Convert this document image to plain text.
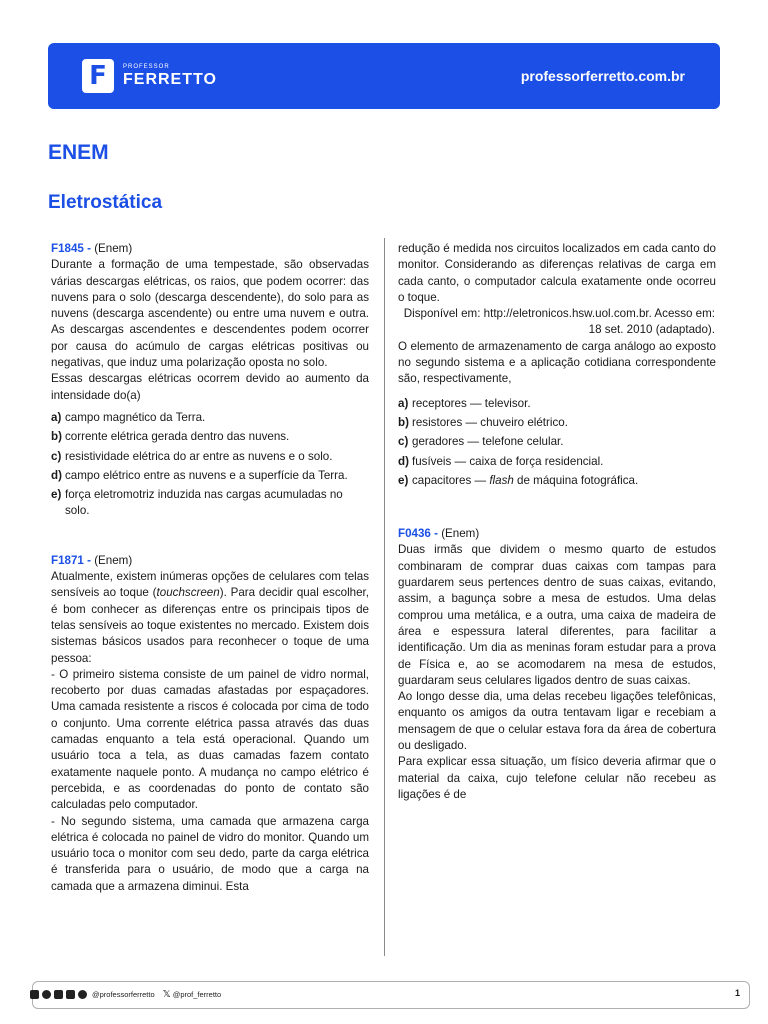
F	PROFESSOR
FERRETTO	professorferretto.com.br
ENEM
Eletrostática

F1845 - (Enem)

Durante a formação de uma tempestade, são observadas várias descargas elétricas, os raios, que podem ocorrer: das nuvens para o solo (descarga descendente), do solo para as nuvens (descarga ascendente) ou entre uma nuvem e outra. As descargas ascendentes e descendentes podem ocorrer por causa do acúmulo de cargas elétricas positivas ou negativas, que induz uma polarização oposta no solo.

Essas descargas elétricas ocorrem devido ao aumento da intensidade do(a)

a) campo magnético da Terra.
b) corrente elétrica gerada dentro das nuvens.
c) resistividade elétrica do ar entre as nuvens e o solo.
d) campo elétrico entre as nuvens e a superfície da Terra.
e) força eletromotriz induzida nas cargas acumuladas no solo.

F1871 - (Enem)

Atualmente, existem inúmeras opções de celulares com telas sensíveis ao toque (touchscreen). Para decidir qual escolher, é bom conhecer as diferenças entre os principais tipos de telas sensíveis ao toque existentes no mercado. Existem dois sistemas básicos usados para reconhecer o toque de uma pessoa:

- O primeiro sistema consiste de um painel de vidro normal, recoberto por duas camadas afastadas por espaçadores. Uma camada resistente a riscos é colocada por cima de todo o conjunto. Uma corrente elétrica passa através das duas camadas enquanto a tela está operacional. Quando um usuário toca a tela, as duas camadas fazem contato exatamente naquele ponto. A mudança no campo elétrico é percebida, e as coordenadas do ponto de contato são calculadas pelo computador.

- No segundo sistema, uma camada que armazena carga elétrica é colocada no painel de vidro do monitor. Quando um usuário toca o monitor com seu dedo, parte da carga elétrica é transferida para o usuário, de modo que a carga na camada que a armazena diminui. Esta

redução é medida nos circuitos localizados em cada canto do monitor. Considerando as diferenças relativas de carga em cada canto, o computador calcula exatamente onde ocorreu o toque.

Disponível em: http://eletronicos.hsw.uol.com.br. Acesso em: 18 set. 2010 (adaptado).

O elemento de armazenamento de carga análogo ao exposto no segundo sistema e a aplicação cotidiana correspondente são, respectivamente,

a) receptores — televisor.
b) resistores — chuveiro elétrico.
c) geradores — telefone celular.
d) fusíveis — caixa de força residencial.
e) capacitores — flash de máquina fotográfica.

F0436 - (Enem)

Duas irmãs que dividem o mesmo quarto de estudos combinaram de comprar duas caixas com tampas para guardarem seus pertences dentro de suas caixas, evitando, assim, a bagunça sobre a mesa de estudos. Uma delas comprou uma metálica, e a outra, uma caixa de madeira de área e espessura lateral diferentes, para facilitar a identificação. Um dia as meninas foram estudar para a prova de Física e, ao se acomodarem na mesa de estudos, guardaram seus celulares ligados dentro de suas caixas.

Ao longo desse dia, uma delas recebeu ligações telefônicas, enquanto os amigos da outra tentavam ligar e recebiam a mensagem de que o celular estava fora da área de cobertura ou desligado.

Para explicar essa situação, um físico deveria afirmar que o material da caixa, cujo telefone celular não recebeu as ligações é de

@professorferretto 𝕏 @prof_ferretto	1
